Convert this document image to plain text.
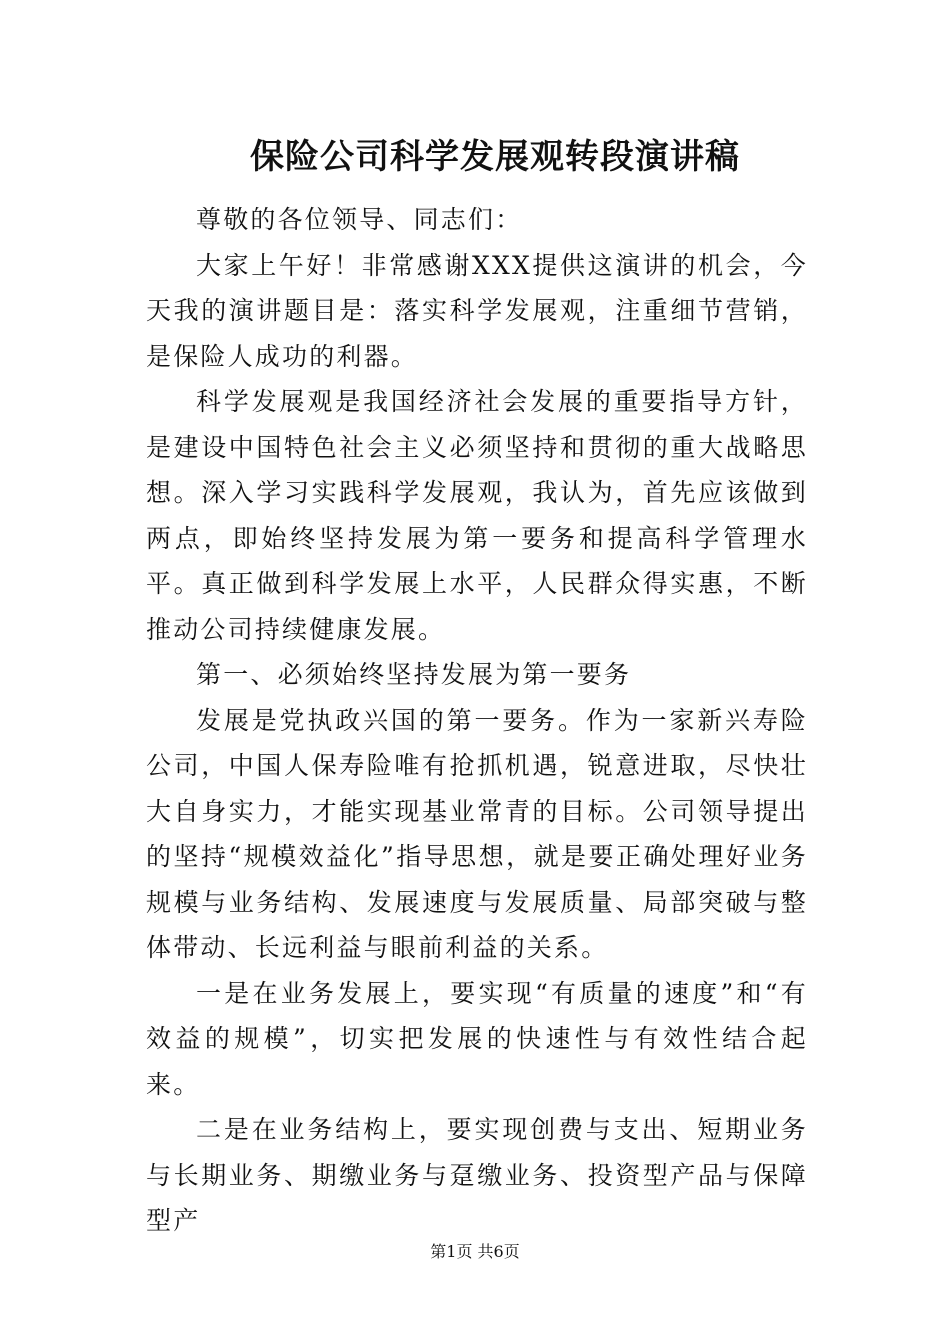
保险公司科学发展观转段演讲稿

尊敬的各位领导、同志们：

大家上午好！非常感谢XXX提供这演讲的机会，今天我的演讲题目是：落实科学发展观，注重细节营销，是保险人成功的利器。

科学发展观是我国经济社会发展的重要指导方针，是建设中国特色社会主义必须坚持和贯彻的重大战略思想。深入学习实践科学发展观，我认为，首先应该做到两点，即始终坚持发展为第一要务和提高科学管理水平。真正做到科学发展上水平，人民群众得实惠，不断推动公司持续健康发展。

第一、必须始终坚持发展为第一要务

发展是党执政兴国的第一要务。作为一家新兴寿险公司，中国人保寿险唯有抢抓机遇，锐意进取，尽快壮大自身实力，才能实现基业常青的目标。公司领导提出的坚持“规模效益化”指导思想，就是要正确处理好业务规模与业务结构、发展速度与发展质量、局部突破与整体带动、长远利益与眼前利益的关系。

一是在业务发展上，要实现“有质量的速度”和“有效益的规模”，切实把发展的快速性与有效性结合起来。

二是在业务结构上，要实现创费与支出、短期业务与长期业务、期缴业务与趸缴业务、投资型产品与保障型产

第1页 共6页
